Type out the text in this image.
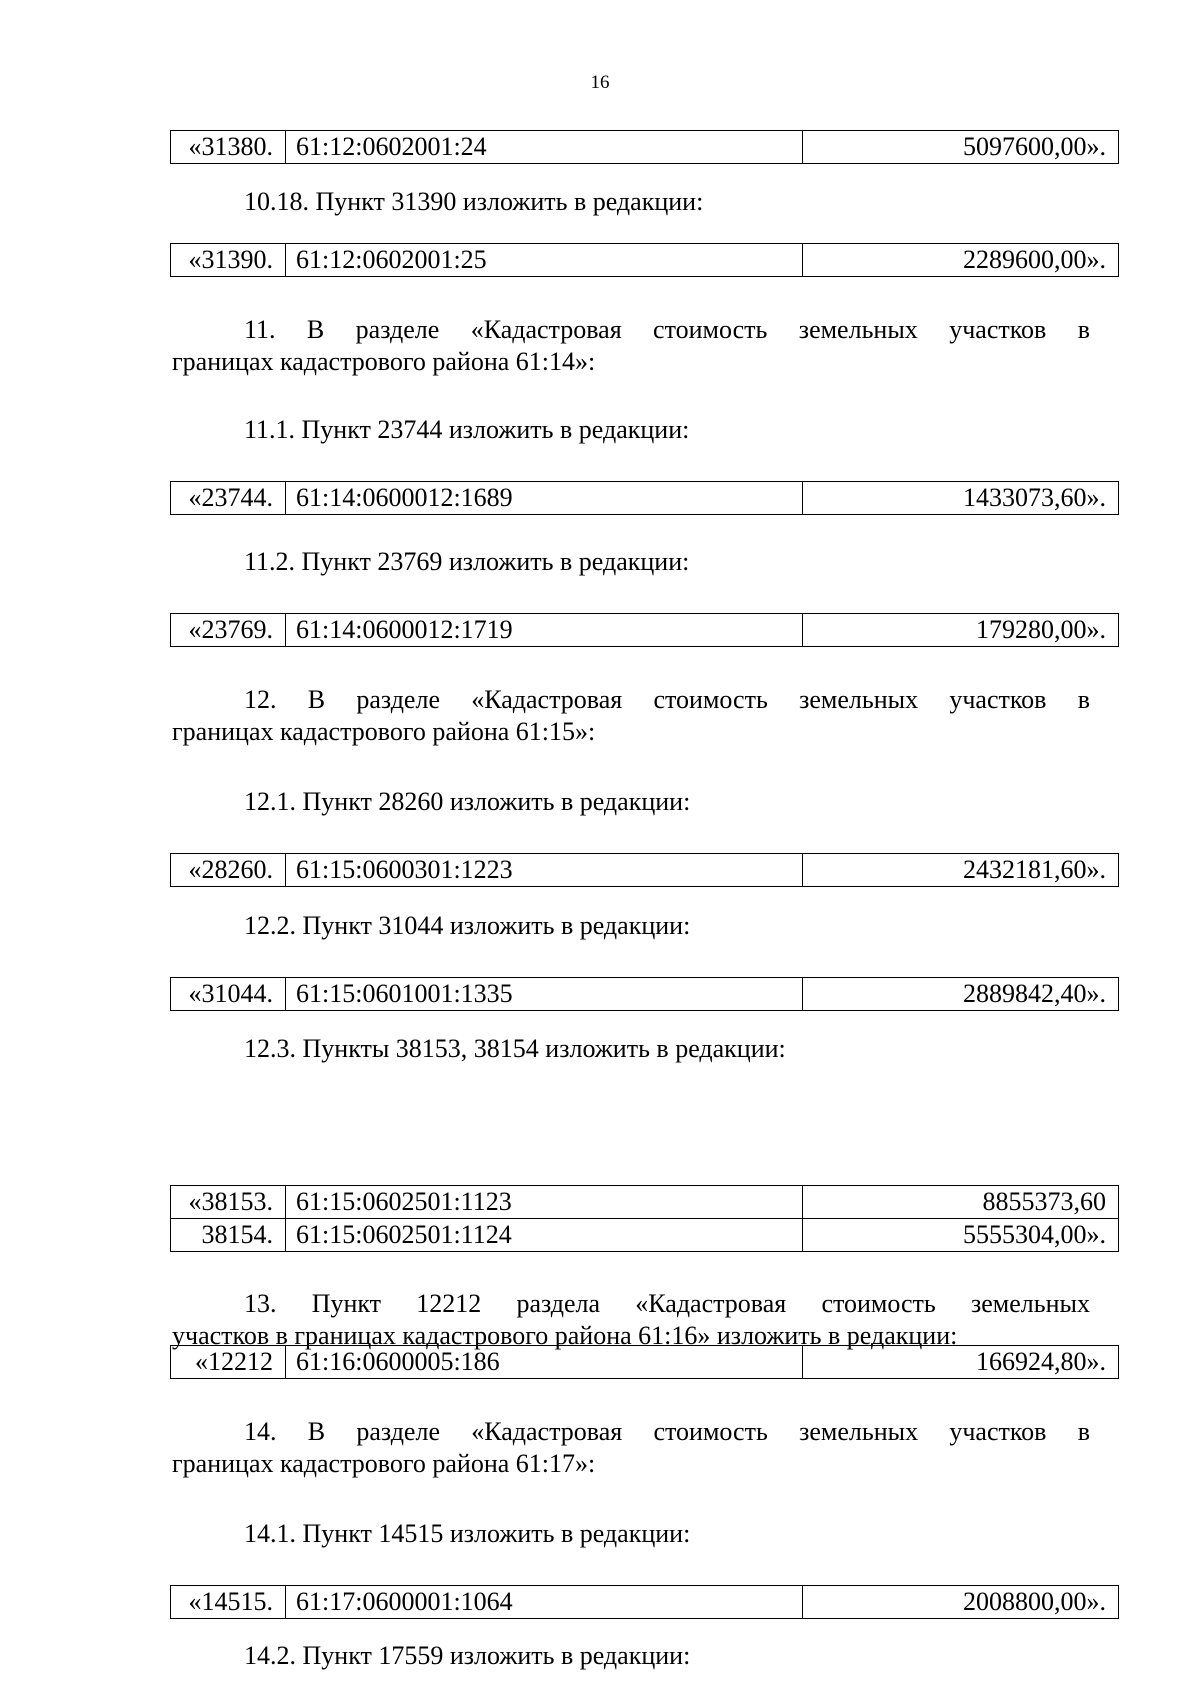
16
«31380.	61:12:0602001:24	5097600,00».
10.18. Пункт 31390 изложить в редакции:
«31390.	61:12:0602001:25	2289600,00».
11. В разделе «Кадастровая стоимость земельных участков в
границах кадастрового района 61:14»:
11.1. Пункт 23744 изложить в редакции:
«23744.	61:14:0600012:1689	1433073,60».
11.2. Пункт 23769 изложить в редакции:
«23769.	61:14:0600012:1719	179280,00».
12. В разделе «Кадастровая стоимость земельных участков в
границах кадастрового района 61:15»:
12.1. Пункт 28260 изложить в редакции:
«28260.	61:15:0600301:1223	2432181,60».
12.2. Пункт 31044 изложить в редакции:
«31044.	61:15:0601001:1335	2889842,40».
12.3. Пункты 38153, 38154 изложить в редакции:
«38153.	61:15:0602501:1123	8855373,60
38154.	61:15:0602501:1124	5555304,00».
13. Пункт 12212 раздела «Кадастровая стоимость земельных
участков в границах кадастрового района 61:16» изложить в редакции:
«12212	61:16:0600005:186	166924,80».
14. В разделе «Кадастровая стоимость земельных участков в
границах кадастрового района 61:17»:
14.1. Пункт 14515 изложить в редакции:
«14515.	61:17:0600001:1064	2008800,00».
14.2. Пункт 17559 изложить в редакции:
